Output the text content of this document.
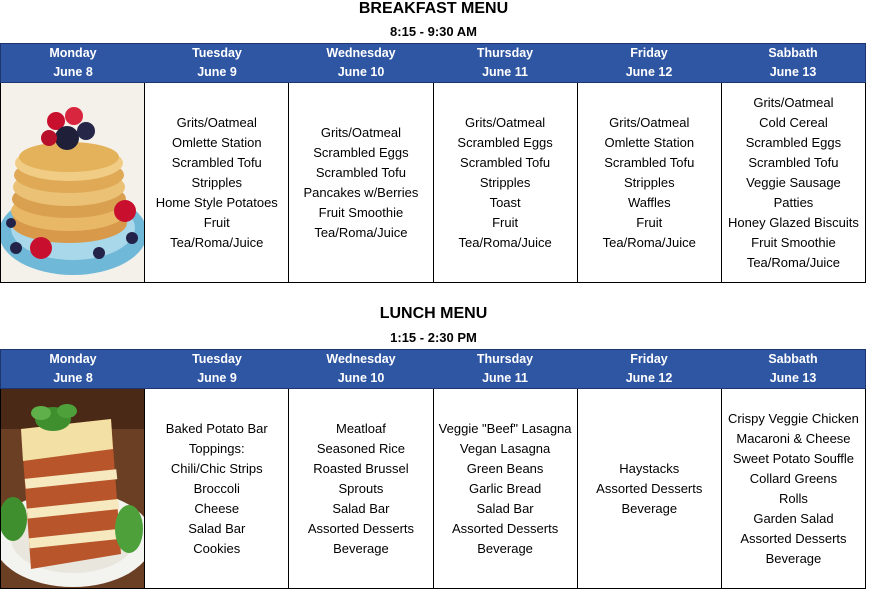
BREAKFAST MENU
8:15 - 9:30 AM
Monday
June 8
Tuesday
June 9
Wednesday
June 10
Thursday
June 11
Friday
June 12
Sabbath
June 13
Grits/Oatmeal
Omlette Station
Scrambled Tofu
Stripples
Home Style Potatoes
Fruit
Tea/Roma/Juice
Grits/Oatmeal
Scrambled Eggs
Scrambled Tofu
Pancakes w/Berries
Fruit Smoothie
Tea/Roma/Juice
Grits/Oatmeal
Scrambled Eggs
Scrambled Tofu
Stripples
Toast
Fruit
Tea/Roma/Juice
Grits/Oatmeal
Omlette Station
Scrambled Tofu
Stripples
Waffles
Fruit
Tea/Roma/Juice
Grits/Oatmeal
Cold Cereal
Scrambled Eggs
Scrambled Tofu
Veggie Sausage
Patties
Honey Glazed Biscuits
Fruit Smoothie
Tea/Roma/Juice
LUNCH MENU
1:15 - 2:30 PM
Monday
June 8
Tuesday
June 9
Wednesday
June 10
Thursday
June 11
Friday
June 12
Sabbath
June 13
Baked Potato Bar
Toppings:
Chili/Chic Strips
Broccoli
Cheese
Salad Bar
Cookies
Meatloaf
Seasoned Rice
Roasted Brussel
Sprouts
Salad Bar
Assorted Desserts
Beverage
Veggie "Beef" Lasagna
Vegan Lasagna
Green Beans
Garlic Bread
Salad Bar
Assorted Desserts
Beverage
Haystacks
Assorted Desserts
Beverage
Crispy Veggie Chicken
Macaroni & Cheese
Sweet Potato Souffle
Collard Greens
Rolls
Garden Salad
Assorted Desserts
Beverage
